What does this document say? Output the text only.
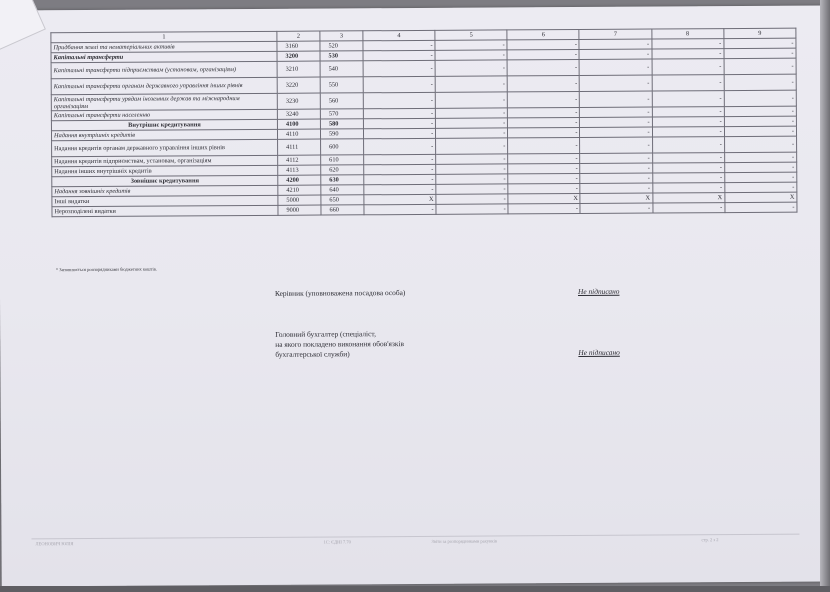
1	2	3	4	5	6	7	8	9
Придбання землі та нематеріальних активів	3160	520	-	-	-	-	-	-
Капітальні трансферти	3200	530	-	-	-	-	-	-
Капітальні трансферти підприємствам (установам, організаціям)	3210	540	-	-	-	-	-	-
Капітальні трансферти органам державного управління інших рівнів	3220	550	-	-	-	-	-	-
Капітальні трансферти урядам іноземних держав та міжнародним організаціям	3230	560	-	-	-	-	-	-
Капітальні трансферти населенню	3240	570	-	-	-	-	-	-
Внутрішнє кредитування	4100	580	-	-	-	-	-	-
Надання внутрішніх кредитів	4110	590	-	-	-	-	-	-
Надання кредитів органам державного управління інших рівнів	4111	600	-	-	-	-	-	-
Надання кредитів підприємствам, установам, організаціям	4112	610	-	-	-	-	-	-
Надання інших внутрішніх кредитів	4113	620	-	-	-	-	-	-
Зовнішнє кредитування	4200	630	-	-	-	-	-	-
Надання зовнішніх кредитів	4210	640	-	-	-	-	-	-
Інші видатки	5000	650	X	-	X	X	X	X
Нерозподілені видатки	9000	660	-	-	-	-	-	-
* Заповнюється розпорядниками бюджетних коштів.
Керівник (уповноважена посадова особа)	Не підписано
Головний бухгалтер (спеціаліст,
на якого покладено виконання обов'язків
бухгалтерської служби)	Не підписано
ЛЕОНОВИЧ ЮЛІЯ	1С: ЄДНІ 7.70	Звіти за розпорядниками рахунків	стр. 2 з 2
